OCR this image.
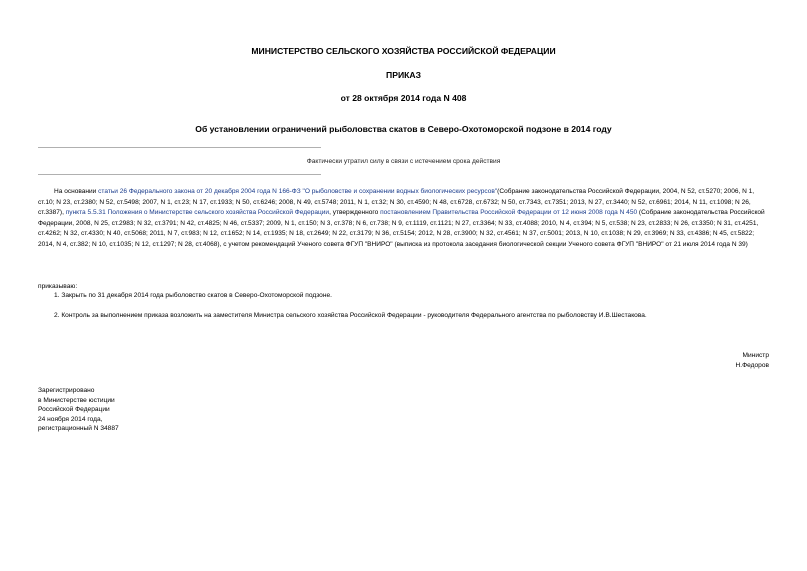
МИНИСТЕРСТВО СЕЛЬСКОГО ХОЗЯЙСТВА РОССИЙСКОЙ ФЕДЕРАЦИИ

ПРИКАЗ

от 28 октября 2014 года N 408

Об установлении ограничений рыболовства скатов в Северо-Охотоморской подзоне в 2014 году

Фактически утратил силу в связи с истечением срока действия

На основании статьи 26 Федерального закона от 20 декабря 2004 года N 166-ФЗ "О рыболовстве и сохранении водных биологических ресурсов"(Собрание законодательства Российской Федерации, 2004, N 52, ст.5270; 2006, N 1, ст.10; N 23, ст.2380; N 52, ст.5498; 2007, N 1, ст.23; N 17, ст.1933; N 50, ст.6246; 2008, N 49, ст.5748; 2011, N 1, ст.32; N 30, ст.4590; N 48, ст.6728, ст.6732; N 50, ст.7343, ст.7351; 2013, N 27, ст.3440; N 52, ст.6961; 2014, N 11, ст.1098; N 26, ст.3387), пункта 5.5.31 Положения о Министерстве сельского хозяйства Российской Федерации, утвержденного постановлением Правительства Российской Федерации от 12 июня 2008 года N 450 (Собрание законодательства Российской Федерации, 2008, N 25, ст.2983; N 32, ст.3791; N 42, ст.4825; N 46, ст.5337; 2009, N 1, ст.150; N 3, ст.378; N 6, ст.738; N 9, ст.1119, ст.1121; N 27, ст.3364; N 33, ст.4088; 2010, N 4, ст.394; N 5, ст.538; N 23, ст.2833; N 26, ст.3350; N 31, ст.4251, ст.4262; N 32, ст.4330; N 40, ст.5068; 2011, N 7, ст.983; N 12, ст.1652; N 14, ст.1935; N 18, ст.2649; N 22, ст.3179; N 36, ст.5154; 2012, N 28, ст.3900; N 32, ст.4561; N 37, ст.5001; 2013, N 10, ст.1038; N 29, ст.3969; N 33, ст.4386; N 45, ст.5822; 2014, N 4, ст.382; N 10, ст.1035; N 12, ст.1297; N 28, ст.4068), с учетом рекомендаций Ученого совета ФГУП "ВНИРО" (выписка из протокола заседания биологической секции Ученого совета ФГУП "ВНИРО" от 21 июля 2014 года N 39)

приказываю:

1. Закрыть по 31 декабря 2014 года рыболовство скатов в Северо-Охотоморской подзоне.

2. Контроль за выполнением приказа возложить на заместителя Министра сельского хозяйства Российской Федерации - руководителя Федерального агентства по рыболовству И.В.Шестакова.

Министр

Н.Федоров

Зарегистрировано
в Министерстве юстиции
Российской Федерации
24 ноября 2014 года,
регистрационный N 34887
